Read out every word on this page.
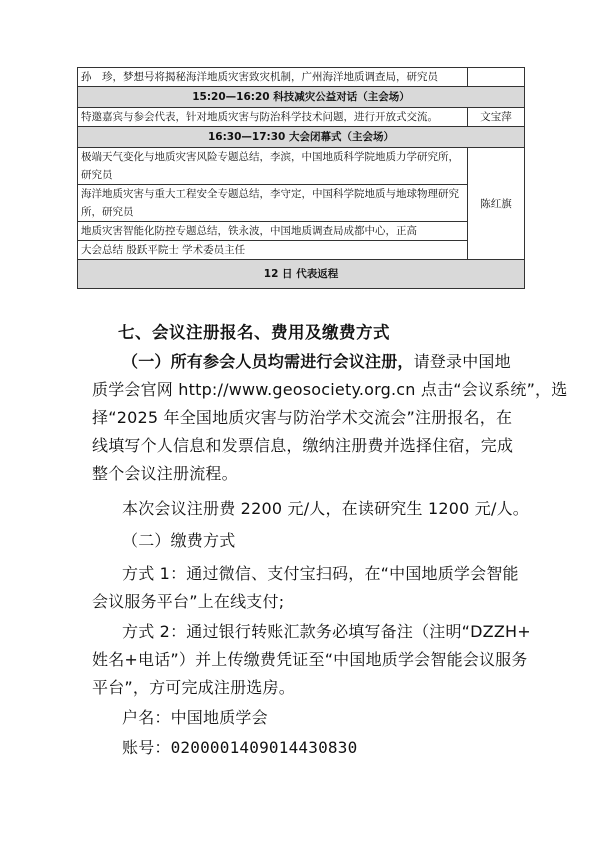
孙　珍，梦想号将揭秘海洋地质灾害致灾机制，广州海洋地质调查局，研究员	
15:20—16:20 科技减灾公益对话（主会场）	
特邀嘉宾与参会代表，针对地质灾害与防治科学技术问题，进行开放式交流。	文宝萍
16:30—17:30 大会闭幕式（主会场）	
极端天气变化与地质灾害风险专题总结，李滨，中国地质科学院地质力学研究所，研究员	陈红旗
海洋地质灾害与重大工程安全专题总结，李守定，中国科学院地质与地球物理研究所，研究员	
地质灾害智能化防控专题总结，铁永波，中国地质调查局成都中心，正高	
大会总结 殷跃平院士 学术委员主任	
12 日 代表返程	
七、会议注册报名、费用及缴费方式
（一）所有参会人员均需进行会议注册，请登录中国地
质学会官网 http://www.geosociety.org.cn 点击“会议系统”，选
择“2025 年全国地质灾害与防治学术交流会”注册报名，在
线填写个人信息和发票信息，缴纳注册费并选择住宿，完成
整个会议注册流程。
本次会议注册费 2200 元/人，在读研究生 1200 元/人。
（二）缴费方式
方式 1：通过微信、支付宝扫码，在“中国地质学会智能
会议服务平台”上在线支付;
方式 2：通过银行转账汇款务必填写备注（注明“DZZH+
姓名+电话”）并上传缴费凭证至“中国地质学会智能会议服务
平台”，方可完成注册选房。
户名：中国地质学会
账号：0200001409014430830
